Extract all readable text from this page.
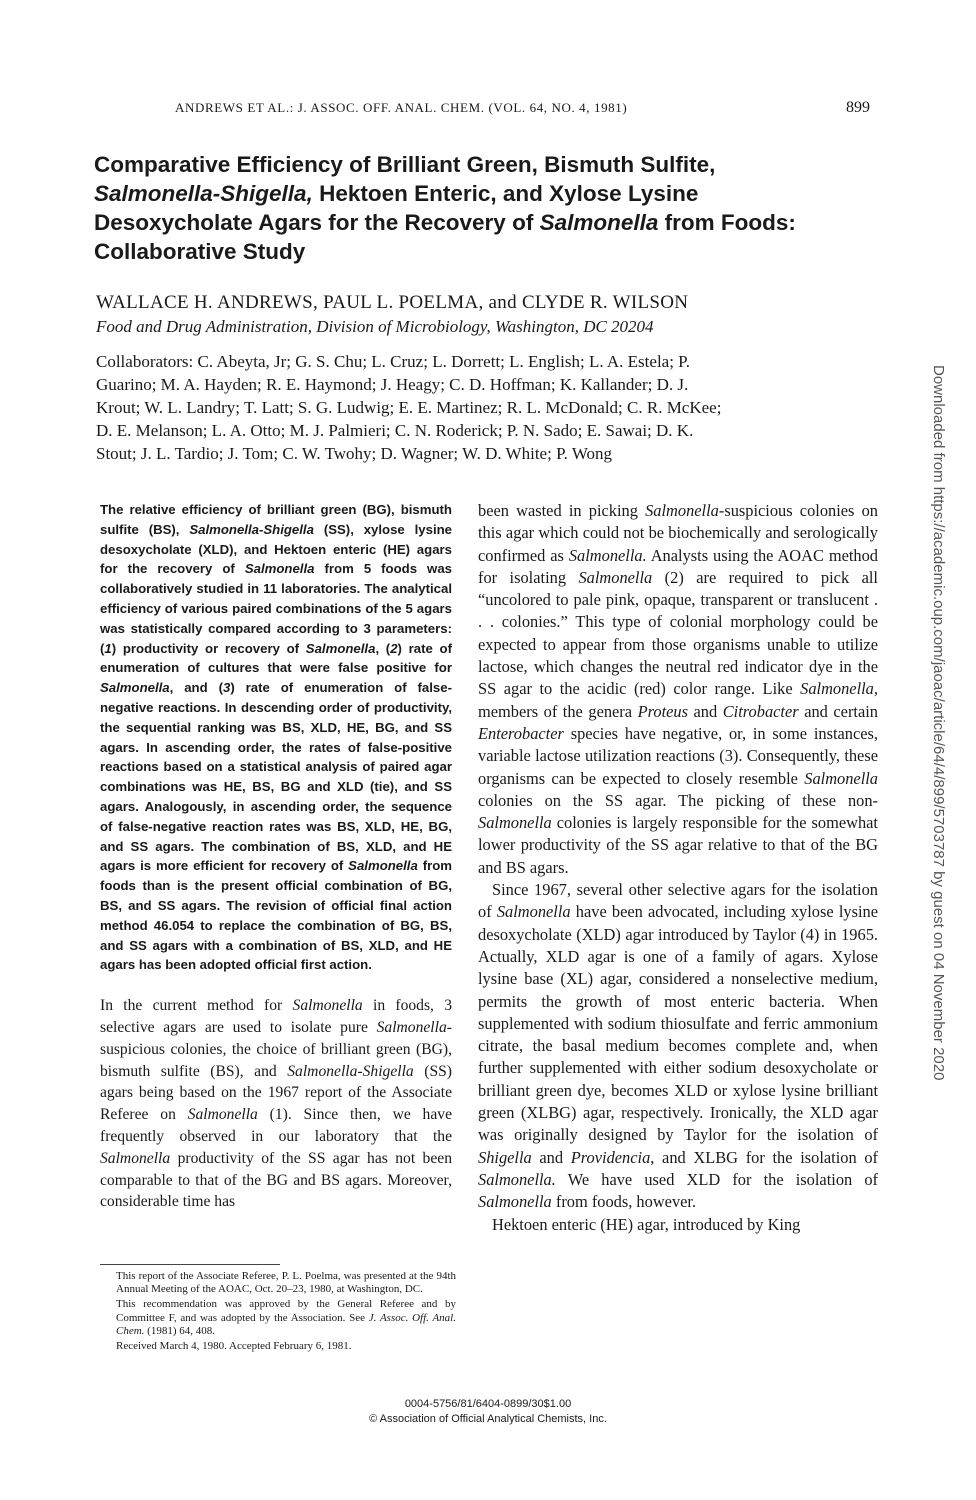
ANDREWS ET AL.: J. ASSOC. OFF. ANAL. CHEM. (VOL. 64, NO. 4, 1981)	899
Comparative Efficiency of Brilliant Green, Bismuth Sulfite,
Salmonella-Shigella, Hektoen Enteric, and Xylose Lysine
Desoxycholate Agars for the Recovery of Salmonella from Foods:
Collaborative Study
WALLACE H. ANDREWS, PAUL L. POELMA, and CLYDE R. WILSON
Food and Drug Administration, Division of Microbiology, Washington, DC 20204
Collaborators: C. Abeyta, Jr; G. S. Chu; L. Cruz; L. Dorrett; L. English; L. A. Estela; P.
Guarino; M. A. Hayden; R. E. Haymond; J. Heagy; C. D. Hoffman; K. Kallander; D. J.
Krout; W. L. Landry; T. Latt; S. G. Ludwig; E. E. Martinez; R. L. McDonald; C. R. McKee;
D. E. Melanson; L. A. Otto; M. J. Palmieri; C. N. Roderick; P. N. Sado; E. Sawai; D. K.
Stout; J. L. Tardio; J. Tom; C. W. Twohy; D. Wagner; W. D. White; P. Wong
The relative efficiency of brilliant green (BG), bismuth sulfite (BS), Salmonella-Shigella (SS), xylose lysine desoxycholate (XLD), and Hektoen enteric (HE) agars for the recovery of Salmonella from 5 foods was collaboratively studied in 11 laboratories. The analytical efficiency of various paired combinations of the 5 agars was statistically compared according to 3 parameters: (1) productivity or recovery of Salmonella, (2) rate of enumeration of cultures that were false positive for Salmonella, and (3) rate of enumeration of false-negative reactions. In descending order of productivity, the sequential ranking was BS, XLD, HE, BG, and SS agars. In ascending order, the rates of false-positive reactions based on a statistical analysis of paired agar combinations was HE, BS, BG and XLD (tie), and SS agars. Analogously, in ascending order, the sequence of false-negative reaction rates was BS, XLD, HE, BG, and SS agars. The combination of BS, XLD, and HE agars is more efficient for recovery of Salmonella from foods than is the present official combination of BG, BS, and SS agars. The revision of official final action method 46.054 to replace the combination of BG, BS, and SS agars with a combination of BS, XLD, and HE agars has been adopted official first action.
In the current method for Salmonella in foods, 3 selective agars are used to isolate pure Salmonella-suspicious colonies, the choice of brilliant green (BG), bismuth sulfite (BS), and Salmonella-Shigella (SS) agars being based on the 1967 report of the Associate Referee on Salmonella (1). Since then, we have frequently observed in our laboratory that the Salmonella productivity of the SS agar has not been comparable to that of the BG and BS agars. Moreover, considerable time has

This report of the Associate Referee, P. L. Poelma, was presented at the 94th Annual Meeting of the AOAC, Oct. 20–23, 1980, at Washington, DC.

This recommendation was approved by the General Referee and by Committee F, and was adopted by the Association. See J. Assoc. Off. Anal. Chem. (1981) 64, 408.

Received March 4, 1980. Accepted February 6, 1981.

been wasted in picking Salmonella-suspicious colonies on this agar which could not be biochemically and serologically confirmed as Salmonella. Analysts using the AOAC method for isolating Salmonella (2) are required to pick all “uncolored to pale pink, opaque, transparent or translucent . . . colonies.” This type of colonial morphology could be expected to appear from those organisms unable to utilize lactose, which changes the neutral red indicator dye in the SS agar to the acidic (red) color range. Like Salmonella, members of the genera Proteus and Citrobacter and certain Enterobacter species have negative, or, in some instances, variable lactose utilization reactions (3). Consequently, these organisms can be expected to closely resemble Salmonella colonies on the SS agar. The picking of these non-Salmonella colonies is largely responsible for the somewhat lower productivity of the SS agar relative to that of the BG and BS agars.

Since 1967, several other selective agars for the isolation of Salmonella have been advocated, including xylose lysine desoxycholate (XLD) agar introduced by Taylor (4) in 1965. Actually, XLD agar is one of a family of agars. Xylose lysine base (XL) agar, considered a nonselective medium, permits the growth of most enteric bacteria. When supplemented with sodium thiosulfate and ferric ammonium citrate, the basal medium becomes complete and, when further supplemented with either sodium desoxycholate or brilliant green dye, becomes XLD or xylose lysine brilliant green (XLBG) agar, respectively. Ironically, the XLD agar was originally designed by Taylor for the isolation of Shigella and Providencia, and XLBG for the isolation of Salmonella. We have used XLD for the isolation of Salmonella from foods, however.

Hektoen enteric (HE) agar, introduced by King

0004-5756/81/6404-0899/30$1.00
© Association of Official Analytical Chemists, Inc.
Downloaded from https://academic.oup.com/jaoac/article/64/4/899/5703787 by guest on 04 November 2020
